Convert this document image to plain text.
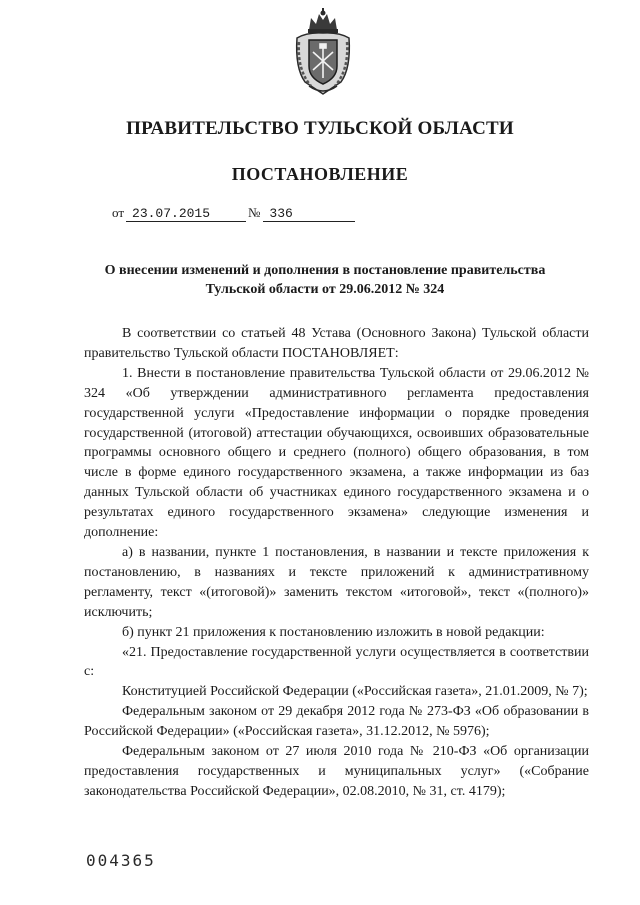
ПРАВИТЕЛЬСТВО ТУЛЬСКОЙ ОБЛАСТИ
ПОСТАНОВЛЕНИЕ
от 23.07.2015	№ 336
О внесении изменений и дополнения в постановление правительства
Тульской области от 29.06.2012 № 324

В соответствии со статьей 48 Устава (Основного Закона) Тульской области правительство Тульской области ПОСТАНОВЛЯЕТ:

1. Внести в постановление правительства Тульской области от 29.06.2012 № 324 «Об утверждении административного регламента предоставления государственной услуги «Предоставление информации о порядке проведения государственной (итоговой) аттестации обучающихся, освоивших образовательные программы основного общего и среднего (полного) общего образования, в том числе в форме единого государственного экзамена, а также информации из баз данных Тульской области об участниках единого государственного экзамена и о результатах единого государственного экзамена» следующие изменения и дополнение:

а) в названии, пункте 1 постановления, в названии и тексте приложения к постановлению, в названиях и тексте приложений к административному регламенту, текст «(итоговой)» заменить текстом «итоговой», текст «(полного)» исключить;

б) пункт 21 приложения к постановлению изложить в новой редакции:

«21. Предоставление государственной услуги осуществляется в соответствии с:

Конституцией Российской Федерации («Российская газета», 21.01.2009, № 7);

Федеральным законом от 29 декабря 2012 года № 273-ФЗ «Об образовании в Российской Федерации» («Российская газета», 31.12.2012, № 5976);

Федеральным законом от 27 июля 2010 года № 210-ФЗ «Об организации предоставления государственных и муниципальных услуг» («Собрание законодательства Российской Федерации», 02.08.2010, № 31, ст. 4179);

004365
